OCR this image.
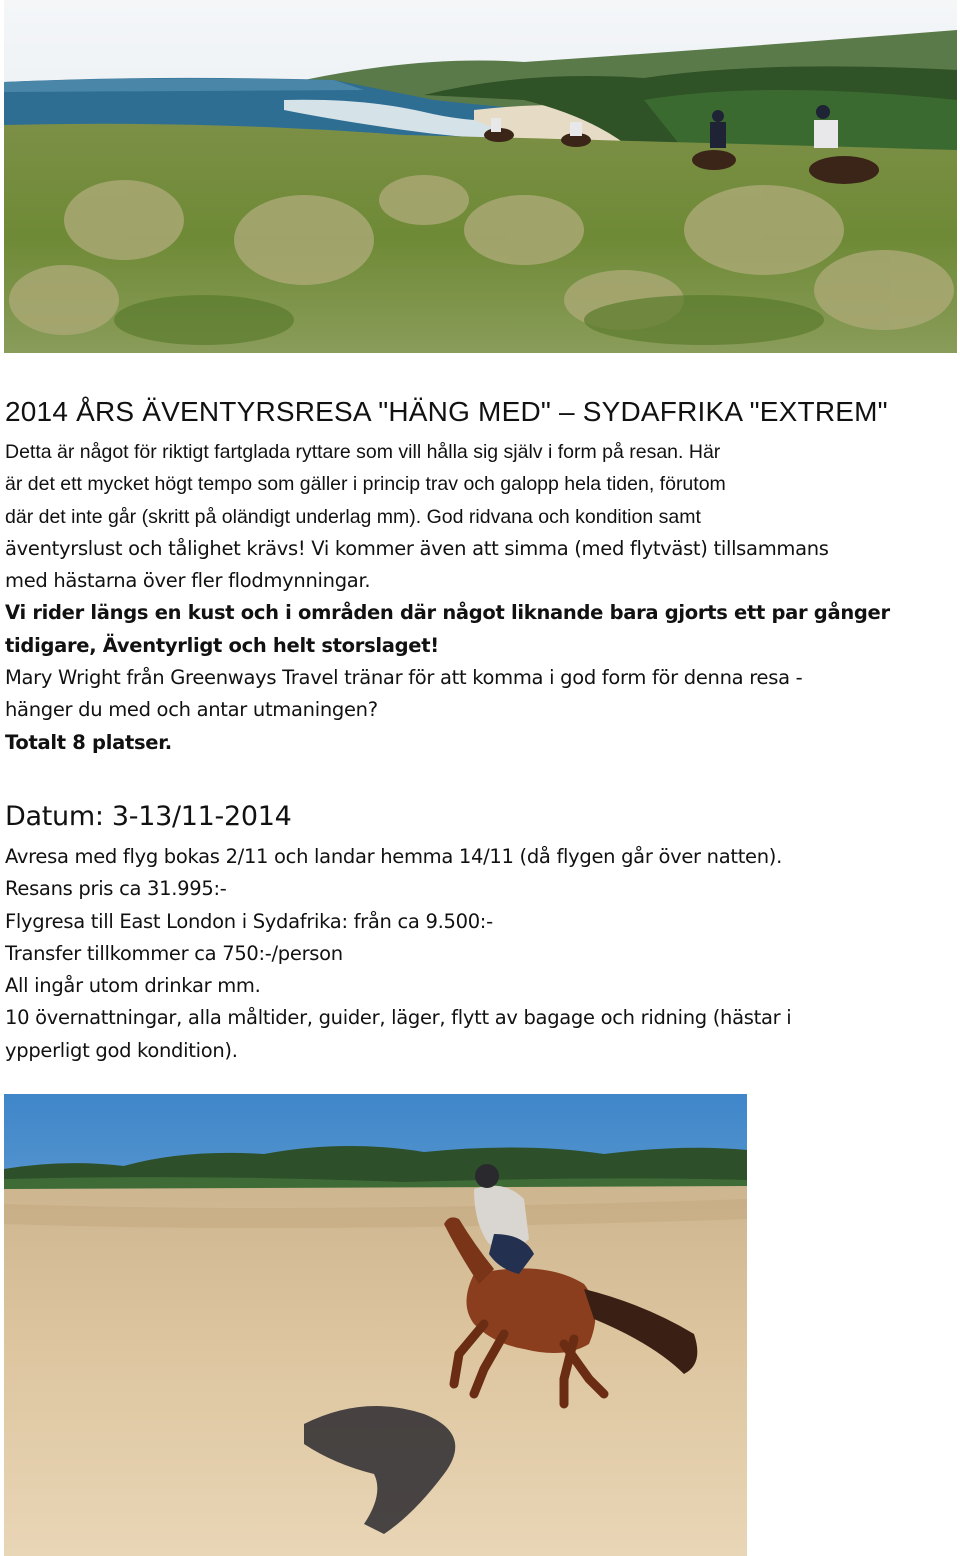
2014 ÅRS ÄVENTYRSRESA "HÄNG MED" – SYDAFRIKA "EXTREM"
Detta är något för riktigt fartglada ryttare som vill hålla sig själv i form på resan. Här
är det ett mycket högt tempo som gäller i princip trav och galopp hela tiden, förutom
där det inte går (skritt på oländigt underlag mm). God ridvana och kondition samt
äventyrslust och tålighet krävs! Vi kommer även att simma (med flytväst) tillsammans
med hästarna över fler flodmynningar.
Vi rider längs en kust och i områden där något liknande bara gjorts ett par gånger
tidigare, Äventyrligt och helt storslaget!
Mary Wright från Greenways Travel tränar för att komma i god form för denna resa -
hänger du med och antar utmaningen?
Totalt 8 platser.
Datum: 3-13/11-2014
Avresa med flyg bokas 2/11 och landar hemma 14/11 (då flygen går över natten).
Resans pris ca 31.995:-
Flygresa till East London i Sydafrika: från ca 9.500:-
Transfer tillkommer ca 750:-/person
All ingår utom drinkar mm.
10 övernattningar, alla måltider, guider, läger, flytt av bagage och ridning (hästar i
ypperligt god kondition).
